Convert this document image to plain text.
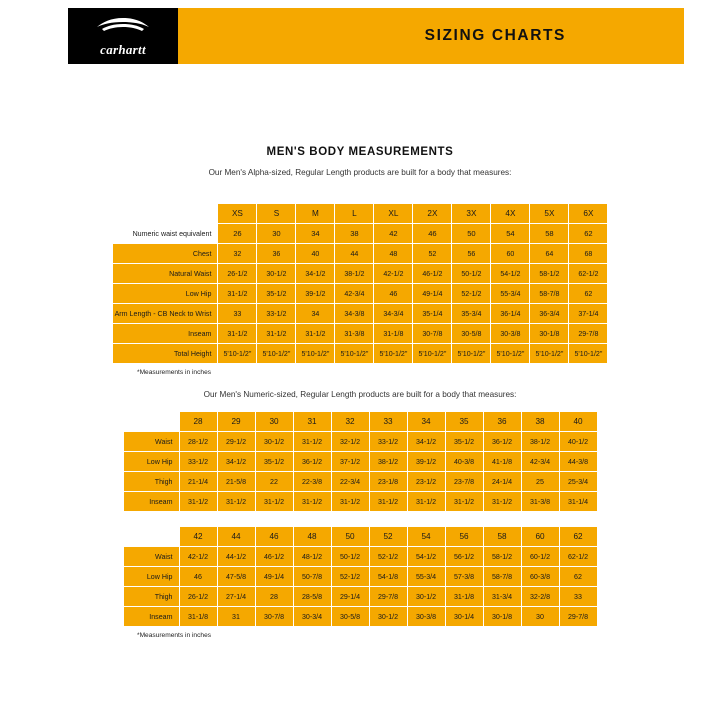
carhartt
SIZING CHARTS
MEN'S BODY MEASUREMENTS
Our Men's Alpha-sized, Regular Length products are built for a body that measures:
	XS	S	M	L	XL	2X	3X	4X	5X	6X
Numeric waist equivalent	26	30	34	38	42	46	50	54	58	62
Chest	32	36	40	44	48	52	56	60	64	68
Natural Waist	26-1/2	30-1/2	34-1/2	38-1/2	42-1/2	46-1/2	50-1/2	54-1/2	58-1/2	62-1/2
Low Hip	31-1/2	35-1/2	39-1/2	42-3/4	46	49-1/4	52-1/2	55-3/4	58-7/8	62
Arm Length - CB Neck to Wrist	33	33-1/2	34	34-3/8	34-3/4	35-1/4	35-3/4	36-1/4	36-3/4	37-1/4
Inseam	31-1/2	31-1/2	31-1/2	31-3/8	31-1/8	30-7/8	30-5/8	30-3/8	30-1/8	29-7/8
Total Height	5'10-1/2"	5'10-1/2"	5'10-1/2"	5'10-1/2"	5'10-1/2"	5'10-1/2"	5'10-1/2"	5'10-1/2"	5'10-1/2"	5'10-1/2"
*Measurements in inches
Our Men's Numeric-sized, Regular Length products are built for a body that measures:
	28	29	30	31	32	33	34	35	36	38	40
Waist	28-1/2	29-1/2	30-1/2	31-1/2	32-1/2	33-1/2	34-1/2	35-1/2	36-1/2	38-1/2	40-1/2
Low Hip	33-1/2	34-1/2	35-1/2	36-1/2	37-1/2	38-1/2	39-1/2	40-3/8	41-1/8	42-3/4	44-3/8
Thigh	21-1/4	21-5/8	22	22-3/8	22-3/4	23-1/8	23-1/2	23-7/8	24-1/4	25	25-3/4
Inseam	31-1/2	31-1/2	31-1/2	31-1/2	31-1/2	31-1/2	31-1/2	31-1/2	31-1/2	31-3/8	31-1/4
	42	44	46	48	50	52	54	56	58	60	62
Waist	42-1/2	44-1/2	46-1/2	48-1/2	50-1/2	52-1/2	54-1/2	56-1/2	58-1/2	60-1/2	62-1/2
Low Hip	46	47-5/8	49-1/4	50-7/8	52-1/2	54-1/8	55-3/4	57-3/8	58-7/8	60-3/8	62
Thigh	26-1/2	27-1/4	28	28-5/8	29-1/4	29-7/8	30-1/2	31-1/8	31-3/4	32-2/8	33
Inseam	31-1/8	31	30-7/8	30-3/4	30-5/8	30-1/2	30-3/8	30-1/4	30-1/8	30	29-7/8
*Measurements in inches
